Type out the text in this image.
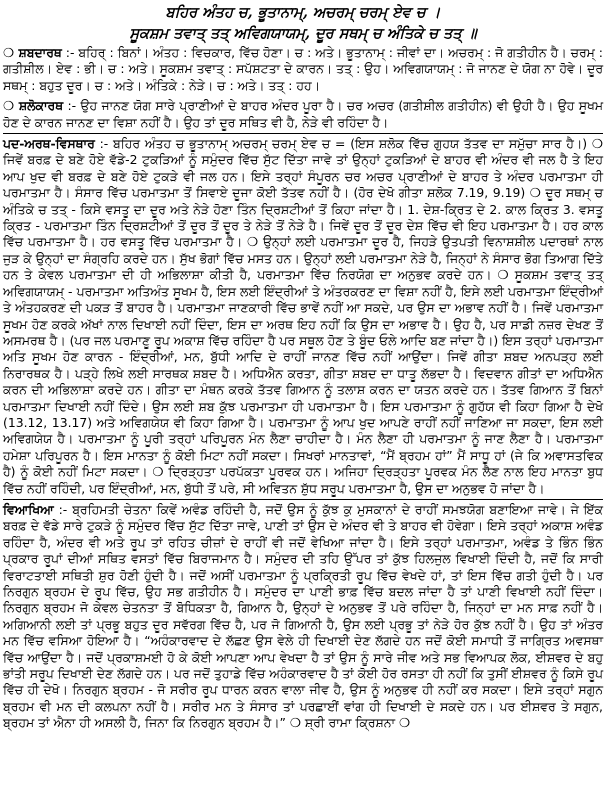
ਬਹਿਰ ਅੰਤਹ ਚ, ਭੂਤਾਨਾਮ੍, ਅਚਰਮ੍ ਚਰਮ੍ ਏਵ ਚ ।
ਸੂਕਸ਼ਮ ਤਵਾਤ੍ ਤਤ੍ ਅਵਿਗਯਾਯਮ੍, ਦੂਰ ਸਥਮ੍ ਚ ਅੰਤਿਕੇ ਚ ਤਤ੍ ॥

❍ ਸ਼ਬਦਾਰਥ :- ਬਹਿਰ੍ : ਬਿਨਾਂ। ਅੰਤਹ : ਵਿਚਕਾਰ, ਵਿੱਚ ਹੋਣਾ। ਚ : ਅਤੇ। ਭੂਤਾਨਾਮ੍ : ਜੀਵਾਂ ਦਾ। ਅਚਰਮ੍ : ਜੋ ਗਤੀਹੀਨ ਹੈ। ਚਰਮ੍ : ਗਤੀਸ਼ੀਲ। ਏਵ : ਭੀ। ਚ : ਅਤੇ। ਸੂਕਸ਼ਮ ਤਵਾਤ੍ : ਸਪੱਸ਼ਟਤਾ ਦੇ ਕਾਰਨ। ਤਤ੍ : ਉਹ। ਅਵਿਗਯਾਯਮ੍ : ਜੋ ਜਾਨਣ ਦੇ ਯੋਗ ਨਾ ਹੋਵੇ। ਦੂਰ ਸਥਮ੍ : ਬਹੁਤ ਦੂਰ। ਚ : ਅਤੇ। ਅੰਤਿਕੇ : ਨੇੜੇ। ਚ : ਅਤੇ। ਤਤ੍ : ਹਹ।

❍ ਸ਼ਲੋਕਾਰਥ :- ਉਹ ਜਾਨਣ ਯੋਗ ਸਾਰੇ ਪ੍ਰਾਣੀਆਂ ਦੇ ਬਾਹਰ ਅੰਦਰ ਪੂਰਾ ਹੈ। ਚਰ ਅਚਰ (ਗਤੀਸ਼ੀਲ ਗਤੀਹੀਨ) ਵੀ ਉਹੀ ਹੈ। ਉਹ ਸੂਖਮ ਹੋਣ ਦੇ ਕਾਰਨ ਜਾਨਣ ਦਾ ਵਿਸ਼ਾ ਨਹੀਂ ਹੈ। ਉਹ ਤਾਂ ਦੂਰ ਸਥਿਤ ਵੀ ਹੈ, ਨੇੜੇ ਵੀ ਰਹਿੰਦਾ ਹੈ।

ਪਦ-ਅਰਥ-ਵਿਸਥਾਰ :- ਬਹਿਰ ਅੰਤਹ ਚ ਭੂਤਾਨਾਮ੍ ਅਚਰਮ੍ ਚਰਮ੍ ਏਵ ਚ = (ਇਸ ਸ਼ਲੋਕ ਵਿੱਚ ਗੁਹਯ ਤੱਤਵ ਦਾ ਸਮੁੱਚਾ ਸਾਰ ਹੈ।) ❍ ਜਿਵੇਂ ਬਰਫ਼ ਦੇ ਬਣੇ ਹੋਏ ਵੱਡੇ-2 ਟੁਕੜਿਆਂ ਨੂੰ ਸਮੁੰਦਰ ਵਿੱਚ ਸੁੱਟ ਦਿੱਤਾ ਜਾਵੇ ਤਾਂ ਉਨ੍ਹਾਂ ਟੁਕੜਿਆਂ ਦੇ ਬਾਹਰ ਵੀ ਅੰਦਰ ਵੀ ਜਲ ਹੈ ਤੇ ਇਹ ਆਪ ਖੁਦ ਵੀ ਬਰਫ਼ ਦੇ ਬਣੇ ਹੋਏ ਟੁਕੜੇ ਵੀ ਜਲ ਹਨ। ਇਸੇ ਤਰ੍ਹਾਂ ਸੰਪੂਰਨ ਚਰ ਅਚਰ ਪ੍ਰਾਣੀਆਂ ਦੇ ਬਾਹਰ ਤੇ ਅੰਦਰ ਪਰਮਾਤਮਾ ਹੀ ਪਰਮਾਤਮਾ ਹੈ। ਸੰਸਾਰ ਵਿੱਚ ਪਰਮਾਤਮਾ ਤੋਂ ਸਿਵਾਏ ਦੂਜਾ ਕੋਈ ਤੱਤਵ ਨਹੀਂ ਹੈ। (ਹੋਰ ਦੇਖੋ ਗੀਤਾ ਸ਼ਲੋਕ 7.19, 9.19) ❍ ਦੂਰ ਸਥਮ੍ ਚ ਅੰਤਿਕੇ ਚ ਤਤ੍ - ਕਿਸੇ ਵਸਤੂ ਦਾ ਦੂਰ ਅਤੇ ਨੇੜੇ ਹੋਣਾ ਤਿੰਨ ਦ੍ਰਿਸ਼ਟੀਆਂ ਤੋਂ ਕਿਹਾ ਜਾਂਦਾ ਹੈ। 1. ਦੇਸ਼-ਕ੍ਰਿਤ ਦੇ 2. ਕਾਲ ਕ੍ਰਿਤ 3. ਵਸਤੂ ਕ੍ਰਿਤ - ਪਰਮਾਤਮਾ ਤਿੰਨ ਦ੍ਰਿਸ਼ਟੀਆਂ ਤੋਂ ਦੂਰ ਤੋਂ ਦੂਰ ਤੇ ਨੇੜੇ ਤੋਂ ਨੇੜੇ ਹੈ। ਜਿਵੇਂ ਦੂਰ ਤੋਂ ਦੂਰ ਦੇਸ਼ ਵਿੱਚ ਵੀ ਇਹ ਪਰਮਾਤਮਾ ਹੈ। ਹਰ ਕਾਲ ਵਿੱਚ ਪਰਮਾਤਮਾ ਹੈ। ਹਰ ਵਸਤੂ ਵਿੱਚ ਪਰਮਾਤਮਾ ਹੈ। ❍ ਉਨ੍ਹਾਂ ਲਈ ਪਰਮਾਤਮਾ ਦੂਰ ਹੈ, ਜਿਹੜੇ ਉਤਪਤੀ ਵਿਨਾਸ਼ਸ਼ੀਲ ਪਦਾਰਥਾਂ ਨਾਲ ਜੁੜ ਕੇ ਉਨ੍ਹਾਂ ਦਾ ਸੰਗ੍ਰਹਿ ਕਰਦੇ ਹਨ। ਸੁੱਖ ਭੋਗਾਂ ਵਿੱਚ ਮਸਤ ਹਨ। ਉਨ੍ਹਾਂ ਲਈ ਪਰਮਾਤਮਾ ਨੇੜੇ ਹੈ, ਜਿਨ੍ਹਾਂ ਨੇ ਸੰਸਾਰ ਭੋਗ ਤਿਆਗ ਦਿੱਤੇ ਹਨ ਤੇ ਕੇਵਲ ਪਰਮਾਤਮਾ ਦੀ ਹੀ ਅਭਿਲਾਸ਼ਾ ਕੀਤੀ ਹੈ, ਪਰਮਾਤਮਾ ਵਿੱਚ ਨਿਰਯੋਗ ਦਾ ਅਨੁਭਵ ਕਰਦੇ ਹਨ। ❍ ਸੂਕਸ਼ਮ ਤਵਾਤ੍ ਤਤ੍ ਅਵਿਗਯਾਯਮ੍ - ਪਰਮਾਤਮਾ ਅਤਿਅੰਤ ਸੂਖਮ ਹੈ, ਇਸ ਲਈ ਇੰਦ੍ਰੀਆਂ ਤੇ ਅੰਤਰਕਰਣ ਦਾ ਵਿਸ਼ਾ ਨਹੀਂ ਹੈ, ਇਸੇ ਲਈ ਪਰਮਾਤਮਾ ਇੰਦ੍ਰੀਆਂ ਤੇ ਅੰਤਹਕਰਣ ਦੀ ਪਕੜ ਤੋਂ ਬਾਹਰ ਹੈ। ਪਰਮਾਤਮਾ ਜਾਣਕਾਰੀ ਵਿੱਚ ਭਾਵੇਂ ਨਹੀਂ ਆ ਸਕਦੇ, ਪਰ ਉਸ ਦਾ ਅਭਾਵ ਨਹੀਂ ਹੈ। ਜਿਵੇਂ ਪਰਮਾਤਮਾ ਸੂਖਮ ਹੋਣ ਕਰਕੇ ਅੱਖਾਂ ਨਾਲ ਦਿਖਾਈ ਨਹੀਂ ਦਿੰਦਾ, ਇਸ ਦਾ ਅਰਥ ਇਹ ਨਹੀਂ ਕਿ ਉਸ ਦਾ ਅਭਾਵ ਹੈ। ਉਹ ਹੈ, ਪਰ ਸਾਡੀ ਨਜ਼ਰ ਦੇਖਣ ਤੋਂ ਅਸਮਰਥ ਹੈ। (ਪਰ ਜਲ ਪਰਮਾਣੂ ਰੂਪ ਅਕਾਸ਼ ਵਿੱਚ ਰਹਿੰਦਾ ਹੈ ਪਰ ਸਥੂਲ ਹੋਣ ਤੇ ਬੂੰਦ ਓਲੇ ਆਦਿ ਬਣ ਜਾਂਦਾ ਹੈ।) ਇਸ ਤਰ੍ਹਾਂ ਪਰਮਾਤਮਾ ਅਤਿ ਸੂਖਮ ਹੋਣ ਕਾਰਨ - ਇੰਦ੍ਰੀਆਂ, ਮਨ, ਬੁੱਧੀ ਆਦਿ ਦੇ ਰਾਹੀਂ ਜਾਨਣ ਵਿੱਚ ਨਹੀਂ ਆਉਂਦਾ। ਜਿਵੇਂ ਗੀਤਾ ਸ਼ਬਦ ਅਨਪੜ੍ਹ ਲਈ ਨਿਰਾਰਥਕ ਹੈ। ਪੜ੍ਹੇ ਲਿਖੇ ਲਈ ਸਾਰਥਕ ਸ਼ਬਦ ਹੈ। ਅਧਿਐਨ ਕਰਤਾ, ਗੀਤਾ ਸ਼ਬਦ ਦਾ ਧਾਤੂ ਲੱਭਦਾ ਹੈ। ਵਿਦਵਾਨ ਗੀਤਾਂ ਦਾ ਅਧਿਐਨ ਕਰਨ ਦੀ ਅਭਿਲਾਸ਼ਾ ਕਰਦੇ ਹਨ। ਗੀਤਾ ਦਾ ਮੰਥਨ ਕਰਕੇ ਤੱਤਵ ਗਿਆਨ ਨੂੰ ਤਲਾਸ਼ ਕਰਨ ਦਾ ਯਤਨ ਕਰਦੇ ਹਨ। ਤੱਤਵ ਗਿਆਨ ਤੋਂ ਬਿਨਾਂ ਪਰਮਾਤਮਾ ਦਿਖਾਈ ਨਹੀਂ ਦਿੰਦੇ। ਉਸ ਲਈ ਸ਼ਬ ਕੁੱਝ ਪਰਮਾਤਮਾ ਹੀ ਪਰਮਾਤਮਾ ਹੈ। ਇਸ ਪਰਮਾਤਮਾ ਨੂੰ ਗੁਹੱਯ ਵੀ ਕਿਹਾ ਗਿਆ ਹੈ ਦੇਖੋ (13.12, 13.17) ਅਤੇ ਅਵਿਗਯੇਯ ਵੀ ਕਿਹਾ ਗਿਆ ਹੈ। ਪਰਮਾਤਮਾ ਨੂੰ ਆਪ ਖੁਦ ਆਪਣੇ ਰਾਹੀਂ ਨਹੀਂ ਜਾਣਿਆ ਜਾ ਸਕਦਾ, ਇਸ ਲਈ ਅਵਿਗਯੇਯ ਹੈ। ਪਰਮਾਤਮਾ ਨੂੰ ਪੂਰੀ ਤਰ੍ਹਾਂ ਪਰਿਪੂਰਨ ਮੰਨ ਲੈਣਾ ਚਾਹੀਦਾ ਹੈ। ਮੰਨ ਲੈਣਾ ਹੀ ਪਰਮਾਤਮਾ ਨੂੰ ਜਾਣ ਲੈਣਾ ਹੈ। ਪਰਮਾਤਮਾ ਹਮੇਸ਼ਾ ਪਰਿਪੂਰਨ ਹੈ। ਇਸ ਮਾਨਤਾ ਨੂੰ ਕੋਈ ਮਿਟਾ ਨਹੀਂ ਸਕਦਾ। ਸਿਖਰਾਂ ਮਾਨਤਾਵਾਂ, “ਮੈਂ ਬ੍ਰਹਮ ਹਾਂ” ਮੈਂ ਸਾਧੂ ਹਾਂ (ਜੇ ਕਿ ਅਵਾਸਤਵਿਕ ਹੈ) ਨੂੰ ਕੋਈ ਨਹੀਂ ਮਿਟਾ ਸਕਦਾ। ❍ ਦ੍ਰਿੜ੍ਹਤਾ ਪਰਪੱਕਤਾ ਪੂਰਵਕ ਹਨ। ਅਜਿਹਾ ਦ੍ਰਿੜ੍ਹਤਾ ਪੂਰਵਕ ਮੰਨ ਲੈਣ ਨਾਲ ਇਹ ਮਾਨਤਾ ਬੁਧ ਵਿੱਚ ਨਹੀਂ ਰਹਿੰਦੀ, ਪਰ ਇੰਦ੍ਰੀਆਂ, ਮਨ, ਬੁੱਧੀ ਤੋਂ ਪਰੇ, ਸੀ ਅਵਿਤਨ ਸ਼ੁੱਧ ਸਰੂਪ ਪਰਮਾਤਮਾ ਹੈ, ਉਸ ਦਾ ਅਨੁਭਵ ਹੋ ਜਾਂਦਾ ਹੈ।

ਵਿਆਖਿਆ :- ਬ੍ਰਹਿਮਤੀ ਚੇਤਨਾ ਕਿਵੇਂ ਅਵੰਡ ਰਹਿੰਦੀ ਹੈ, ਜਦੋਂ ਉਸ ਨੂੰ ਕੁੱਝ ਕੁ ਮੁਸਕਾਨਾਂ ਦੇ ਰਾਹੀਂ ਸਮਝਯੋਗ ਬਣਾਇਆ ਜਾਵੇ। ਜੇ ਇੱਕ ਬਰਫ਼ ਦੇ ਵੱਡੇ ਸਾਰੇ ਟੁਕੜੇ ਨੂੰ ਸਮੁੰਦਰ ਵਿੱਚ ਸੁੱਟ ਦਿੱਤਾ ਜਾਵੇ, ਪਾਣੀ ਤਾਂ ਉਸ ਦੇ ਅੰਦਰ ਵੀ ਤੇ ਬਾਹਰ ਵੀ ਹੋਵੇਗਾ। ਇਸੇ ਤਰ੍ਹਾਂ ਅਕਾਸ਼ ਅਵੰਡ ਰਹਿੰਦਾ ਹੈ, ਅੰਦਰ ਵੀ ਅਤੇ ਰੂਪ ਤਾਂ ਰਹਿਤ ਚੀਜ਼ਾਂ ਦੇ ਰਾਹੀਂ ਵੀ ਜਦੋਂ ਵੇਖਿਆ ਜਾਂਦਾ ਹੈ। ਇਸੇ ਤਰ੍ਹਾਂ ਪਰਮਾਤਮਾ, ਅਵੰਡ ਤੇ ਭਿੰਨ ਭਿੰਨ ਪ੍ਰਕਾਰ ਰੂਪਾਂ ਦੀਆਂ ਸਥਿਤ ਵਸਤਾਂ ਵਿੱਚ ਬਿਰਾਜਮਾਨ ਹੈ। ਸਮੁੰਦਰ ਦੀ ਤਹਿ ਉੱਪਰ ਤਾਂ ਕੁੱਝ ਹਿਲਜੁਲ ਵਿਖਾਈ ਦਿੰਦੀ ਹੈ, ਜਦੋਂ ਕਿ ਸਾਰੀ ਵਿਰਾਟਤਾਈ ਸਥਿਤੀ ਸ਼ੁਰ ਹੋਣੀ ਹੁੰਦੀ ਹੈ। ਜਦੋਂ ਅਸੀਂ ਪਰਮਾਤਮਾ ਨੂੰ ਪ੍ਰਕ੍ਰਿਤੀ ਰੂਪ ਵਿੱਚ ਵੇਖਦੇ ਹਾਂ, ਤਾਂ ਇਸ ਵਿੱਚ ਗਤੀ ਹੁੰਦੀ ਹੈ। ਪਰ ਨਿਰਗੁਨ ਬ੍ਰਹਮ ਦੇ ਰੂਪ ਵਿੱਚ, ਉਹ ਸਭ ਗਤੀਹੀਨ ਹੈ। ਸਮੁੰਦਰ ਦਾ ਪਾਣੀ ਭਾਫ਼ ਵਿੱਚ ਬਦਲ ਜਾਂਦਾ ਹੈ ਤਾਂ ਪਾਣੀ ਵਿਖਾਈ ਨਹੀਂ ਦਿੰਦਾ। ਨਿਰਗੁਨ ਬ੍ਰਹਮ ਜੋ ਕੇਵਲ ਚੇਤਨਤਾ ਤੋਂ ਬੋਧਿਕਤਾ ਹੈ, ਗਿਆਨ ਹੈ, ਉਨ੍ਹਾਂ ਦੇ ਅਨੁਭਵ ਤੋਂ ਪਰੇ ਰਹਿੰਦਾ ਹੈ, ਜਿਨ੍ਹਾਂ ਦਾ ਮਨ ਸਾਫ਼ ਨਹੀਂ ਹੈ। ਅਗਿਆਨੀ ਲਈ ਤਾਂ ਪ੍ਰਭੂ ਬਹੁਤ ਦੂਰ ਸਵੱਰਗ ਵਿੱਚ ਹੈ, ਪਰ ਜੋ ਗਿਆਨੀ ਹੈ, ਉਸ ਲਈ ਪ੍ਰਭੂ ਤਾਂ ਨੇੜੇ ਹੋਰ ਕੁੱਝ ਨਹੀਂ ਹੈ। ਉਹ ਤਾਂ ਅੰਤਰ ਮਨ ਵਿੱਚ ਵਸਿਆ ਹੋਇਆ ਹੈ। “ਅਹੰਕਾਰਵਾਦ ਦੇ ਲੱਛਣ ਉਸ ਵੇਲੇ ਹੀ ਦਿਖਾਈ ਦੇਣ ਲੱਗਦੇ ਹਨ ਜਦੋਂ ਕੋਈ ਸਮਾਧੀ ਤੋਂ ਜਾਗ੍ਰਿਤ ਅਵਸਥਾ ਵਿੱਚ ਆਉਂਦਾ ਹੈ। ਜਦੋਂ ਪ੍ਰਕਾਸ਼ਮਈ ਹੋ ਕੇ ਕੋਈ ਆਪਣਾ ਆਪ ਵੇਖਦਾ ਹੈ ਤਾਂ ਉਸ ਨੂੰ ਸਾਰੇ ਜੀਵ ਅਤੇ ਸਭ ਵਿਆਪਕ ਲੋਕ, ਈਸ਼ਵਰ ਦੇ ਬਹੁ ਭਾਂਤੀ ਸਰੂਪ ਦਿਖਾਈ ਦੇਣ ਲੱਗਦੇ ਹਨ। ਪਰ ਜਦੋਂ ਤੁਹਾਡੇ ਵਿੱਚ ਅਹੰਕਾਰਵਾਦ ਹੈ ਤਾਂ ਕੋਈ ਹੋਰ ਰਸਤਾ ਹੀ ਨਹੀਂ ਕਿ ਤੁਸੀਂ ਈਸ਼ਵਰ ਨੂੰ ਕਿਸੇ ਰੂਪ ਵਿੱਚ ਹੀ ਦੇਖੋ। ਨਿਰਗੁਨ ਬ੍ਰਹਮ - ਜੋ ਸਰੀਰ ਰੂਪ ਧਾਰਨ ਕਰਨ ਵਾਲਾ ਜੀਵ ਹੈ, ਉਸ ਨੂੰ ਅਨੁਭਵ ਹੀ ਨਹੀਂ ਕਰ ਸਕਦਾ। ਇਸੇ ਤਰ੍ਹਾਂ ਸਗੁਨ ਬ੍ਰਹਮ ਵੀ ਮਨ ਦੀ ਕਲਪਨਾ ਨਹੀਂ ਹੈ। ਸਰੀਰ ਮਨ ਤੇ ਸੰਸਾਰ ਤਾਂ ਪਰਛਾਈਂ ਵਾਂਗ ਹੀ ਦਿਖਾਈ ਦੇ ਸਕਦੇ ਹਨ। ਪਰ ਈਸ਼ਵਰ ਤੇ ਸਗੁਨ, ਬ੍ਰਹਮ ਤਾਂ ਐਨਾ ਹੀ ਅਸਲੀ ਹੈ, ਜਿਨਾ ਕਿ ਨਿਰਗੁਨ ਬ੍ਰਹਮ ਹੈ।” ❍ ਸ਼੍ਰੀ ਰਾਮਾ ਕ੍ਰਿਸ਼ਨਾ ❍
